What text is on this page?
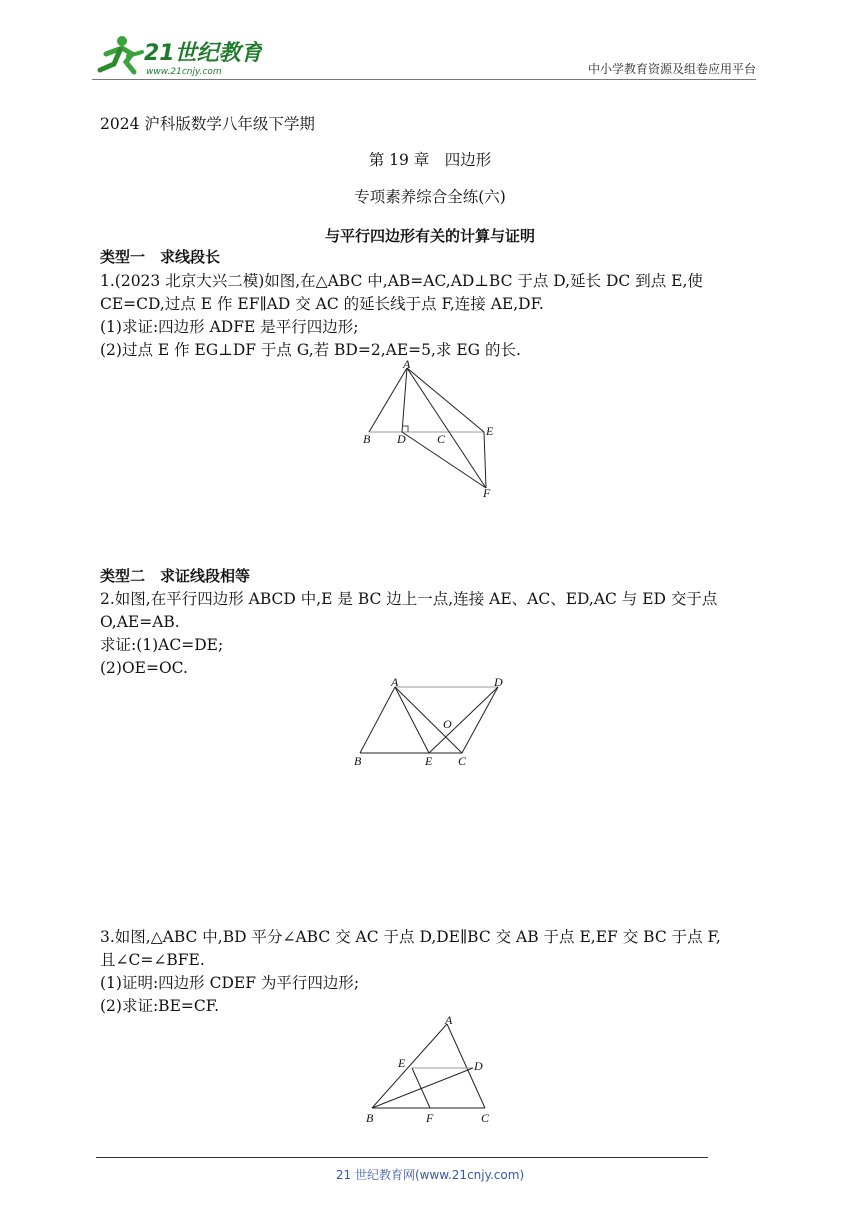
21世纪教育
www.21cnjy.com	中小学教育资源及组卷应用平台
2024 沪科版数学八年级下学期
第 19 章　四边形
专项素养综合全练(六)
与平行四边形有关的计算与证明
类型一　求线段长
1.(2023 北京大兴二模)如图,在△ABC 中,AB=AC,AD⊥BC 于点 D,延长 DC 到点 E,使
CE=CD,过点 E 作 EF∥AD 交 AC 的延长线于点 F,连接 AE,DF.
(1)求证:四边形 ADFE 是平行四边形;
(2)过点 E 作 EG⊥DF 于点 G,若 BD=2,AE=5,求 EG 的长.
A
B D	C
E
F
类型二　求证线段相等
2.如图,在平行四边形 ABCD 中,E 是 BC 边上一点,连接 AE、AC、ED,AC 与 ED 交于点
O,AE=AB.
求证:(1)AC=DE;
(2)OE=OC.
A	D
O
B	E C
3.如图,△ABC 中,BD 平分∠ABC 交 AC 于点 D,DE∥BC 交 AB 于点 E,EF 交 BC 于点 F,
且∠C=∠BFE.
(1)证明:四边形 CDEF 为平行四边形;
(2)求证:BE=CF.
A
E	D
B	F	C
21 世纪教育网(www.21cnjy.com)
